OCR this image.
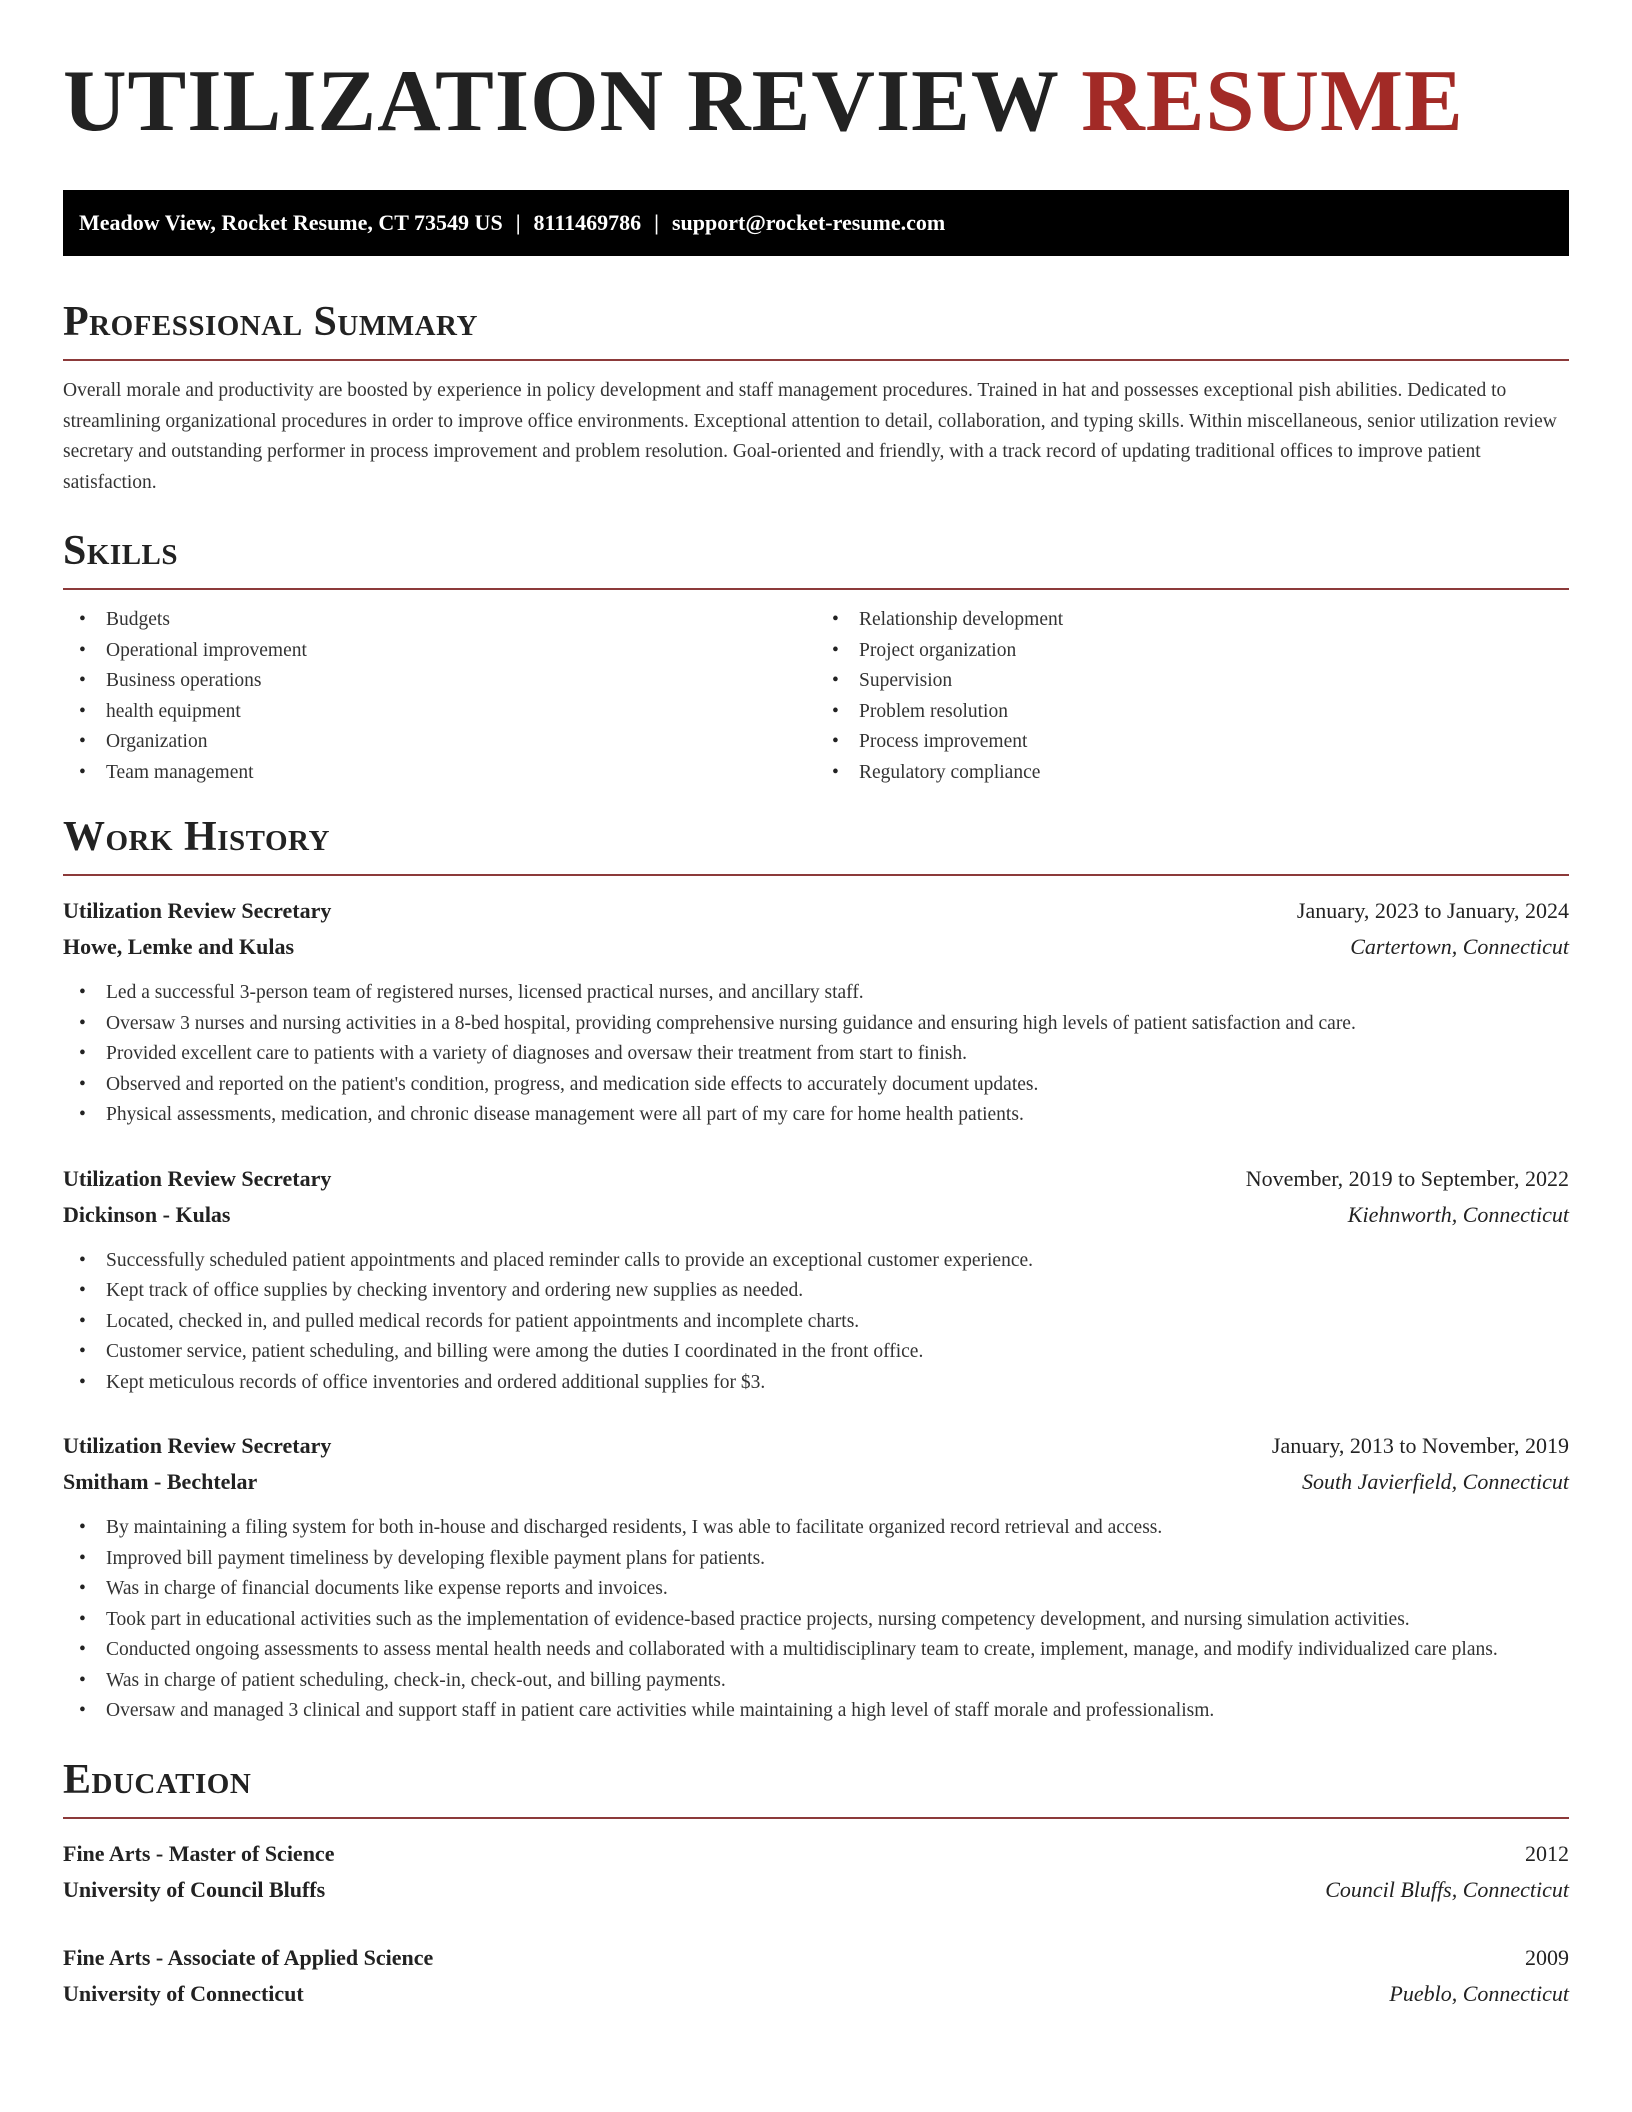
UTILIZATION REVIEW RESUME
Meadow View, Rocket Resume, CT 73549 US | 8111469786 | support@rocket-resume.com
Professional Summary

Overall morale and productivity are boosted by experience in policy development and staff management procedures. Trained in hat and possesses exceptional pish abilities. Dedicated to streamlining organizational procedures in order to improve office environments. Exceptional attention to detail, collaboration, and typing skills. Within miscellaneous, senior utilization review secretary and outstanding performer in process improvement and problem resolution. Goal-oriented and friendly, with a track record of updating traditional offices to improve patient satisfaction.

Skills
• Budgets
• Operational improvement
• Business operations
• health equipment
• Organization
• Team management
• Relationship development
• Project organization
• Supervision
• Problem resolution
• Process improvement
• Regulatory compliance
Work History
Utilization Review Secretary	January, 2023 to January, 2024
Howe, Lemke and Kulas	Cartertown, Connecticut
• Led a successful 3-person team of registered nurses, licensed practical nurses, and ancillary staff.
• Oversaw 3 nurses and nursing activities in a 8-bed hospital, providing comprehensive nursing guidance and ensuring high levels of patient satisfaction and care.
• Provided excellent care to patients with a variety of diagnoses and oversaw their treatment from start to finish.
• Observed and reported on the patient's condition, progress, and medication side effects to accurately document updates.
• Physical assessments, medication, and chronic disease management were all part of my care for home health patients.
Utilization Review Secretary	November, 2019 to September, 2022
Dickinson - Kulas	Kiehnworth, Connecticut
• Successfully scheduled patient appointments and placed reminder calls to provide an exceptional customer experience.
• Kept track of office supplies by checking inventory and ordering new supplies as needed.
• Located, checked in, and pulled medical records for patient appointments and incomplete charts.
• Customer service, patient scheduling, and billing were among the duties I coordinated in the front office.
• Kept meticulous records of office inventories and ordered additional supplies for $3.
Utilization Review Secretary	January, 2013 to November, 2019
Smitham - Bechtelar	South Javierfield, Connecticut
• By maintaining a filing system for both in-house and discharged residents, I was able to facilitate organized record retrieval and access.
• Improved bill payment timeliness by developing flexible payment plans for patients.
• Was in charge of financial documents like expense reports and invoices.
• Took part in educational activities such as the implementation of evidence-based practice projects, nursing competency development, and nursing simulation activities.
• Conducted ongoing assessments to assess mental health needs and collaborated with a multidisciplinary team to create, implement, manage, and modify individualized care plans.
• Was in charge of patient scheduling, check-in, check-out, and billing payments.
• Oversaw and managed 3 clinical and support staff in patient care activities while maintaining a high level of staff morale and professionalism.
Education
Fine Arts - Master of Science	2012
University of Council Bluffs	Council Bluffs, Connecticut
Fine Arts - Associate of Applied Science	2009
University of Connecticut	Pueblo, Connecticut
